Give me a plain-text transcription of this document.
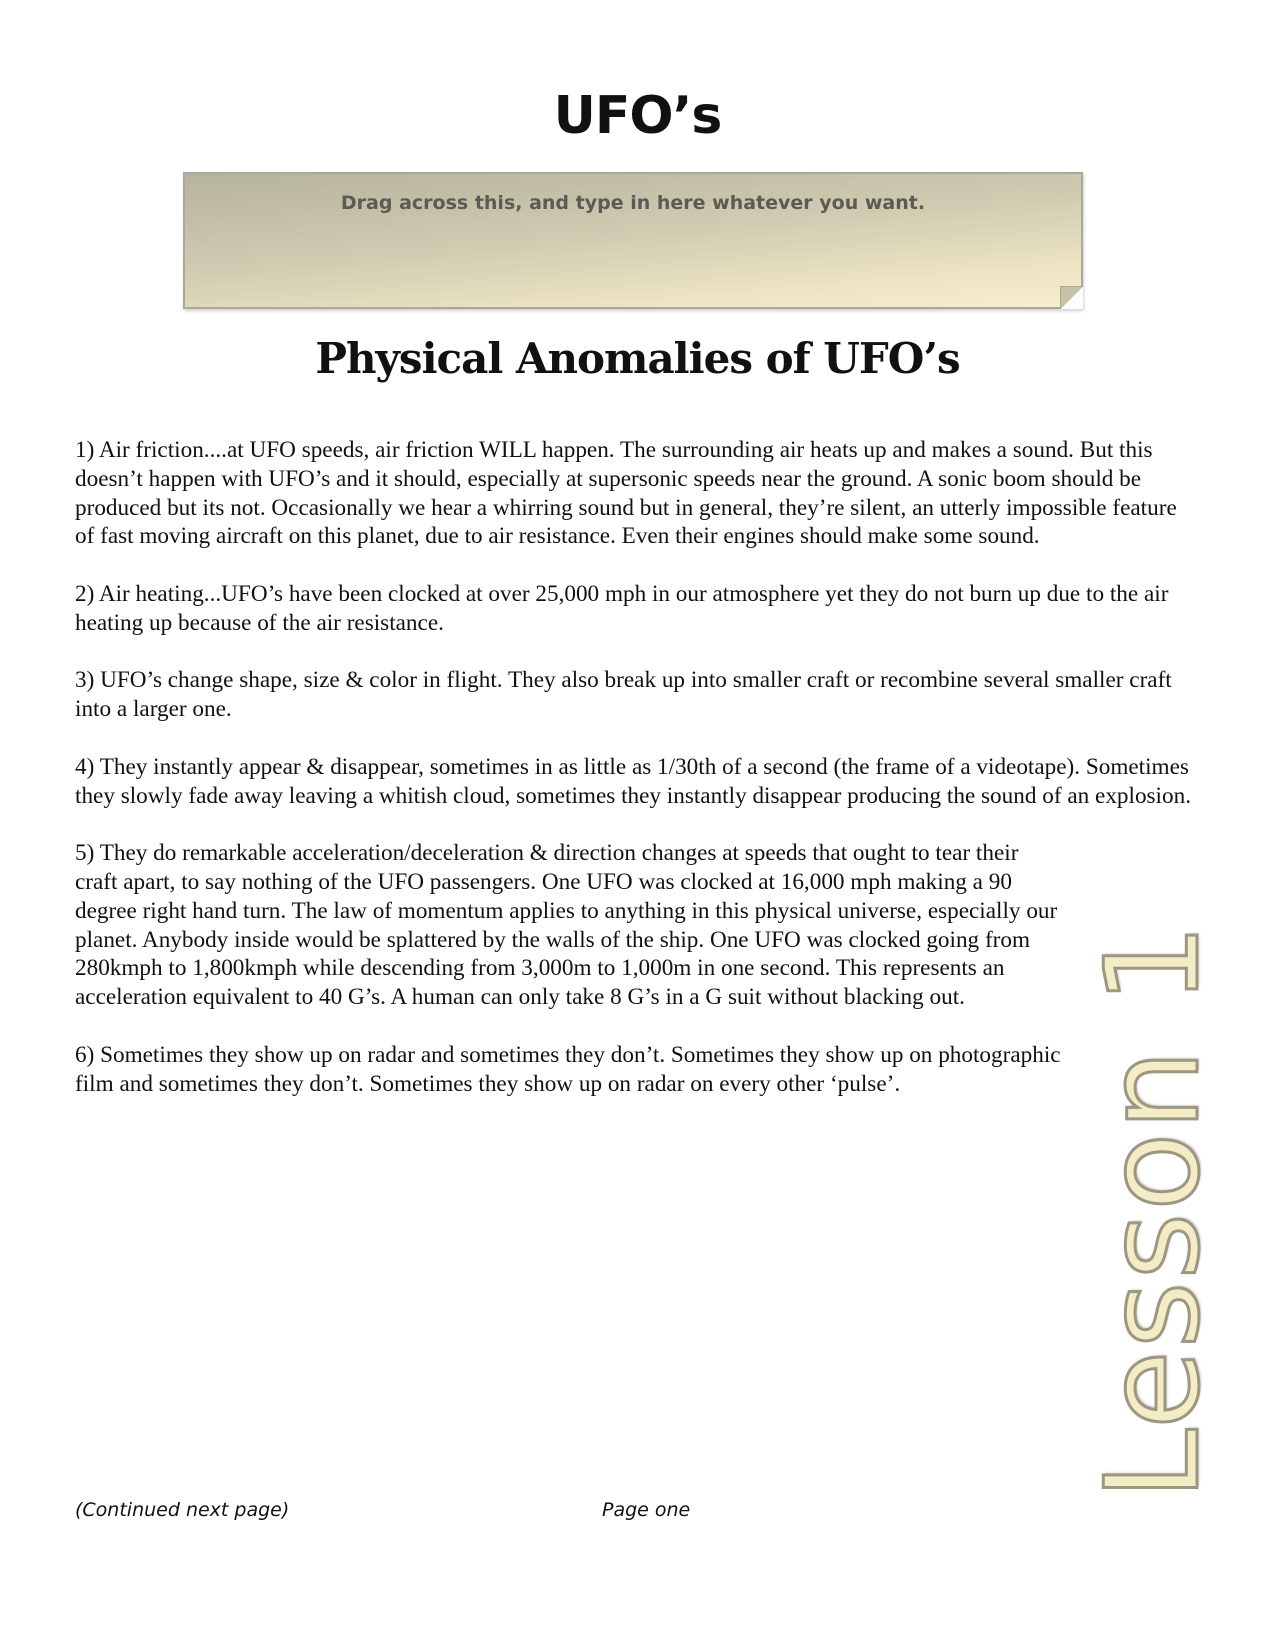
UFO’s
Drag across this, and type in here whatever you want.
Physical Anomalies of UFO’s

1) Air friction....at UFO speeds, air friction WILL happen. The surrounding air heats up and makes a sound. But this doesn’t happen with UFO’s and it should, especially at supersonic speeds near the ground. A sonic boom should be produced but its not. Occasionally we hear a whirring sound but in general, they’re silent, an utterly impossible feature of fast moving aircraft on this planet, due to air resistance. Even their engines should make some sound.

2) Air heating...UFO’s have been clocked at over 25,000 mph in our atmosphere yet they do not burn up due to the air heating up because of the air resistance.

3) UFO’s change shape, size & color in flight. They also break up into smaller craft or recombine several smaller craft into a larger one.

4) They instantly appear & disappear, sometimes in as little as 1/30th of a second (the frame of a videotape). Sometimes they slowly fade away leaving a whitish cloud, sometimes they instantly disappear producing the sound of an explosion.

5) They do remarkable acceleration/deceleration & direction changes at speeds that ought to tear their craft apart, to say nothing of the UFO passengers. One UFO was clocked at 16,000 mph making a 90 degree right hand turn. The law of momentum applies to anything in this physical universe, especially our planet. Anybody inside would be splattered by the walls of the ship. One UFO was clocked going from 280kmph to 1,800kmph while descending from 3,000m to 1,000m in one second. This represents an acceleration equivalent to 40 G’s. A human can only take 8 G’s in a G suit without blacking out.

6) Sometimes they show up on radar and sometimes they don’t. Sometimes they show up on photographic film and sometimes they don’t. Sometimes they show up on radar on every other ‘pulse’.	Lesson 1
(Continued next page)	Page one
